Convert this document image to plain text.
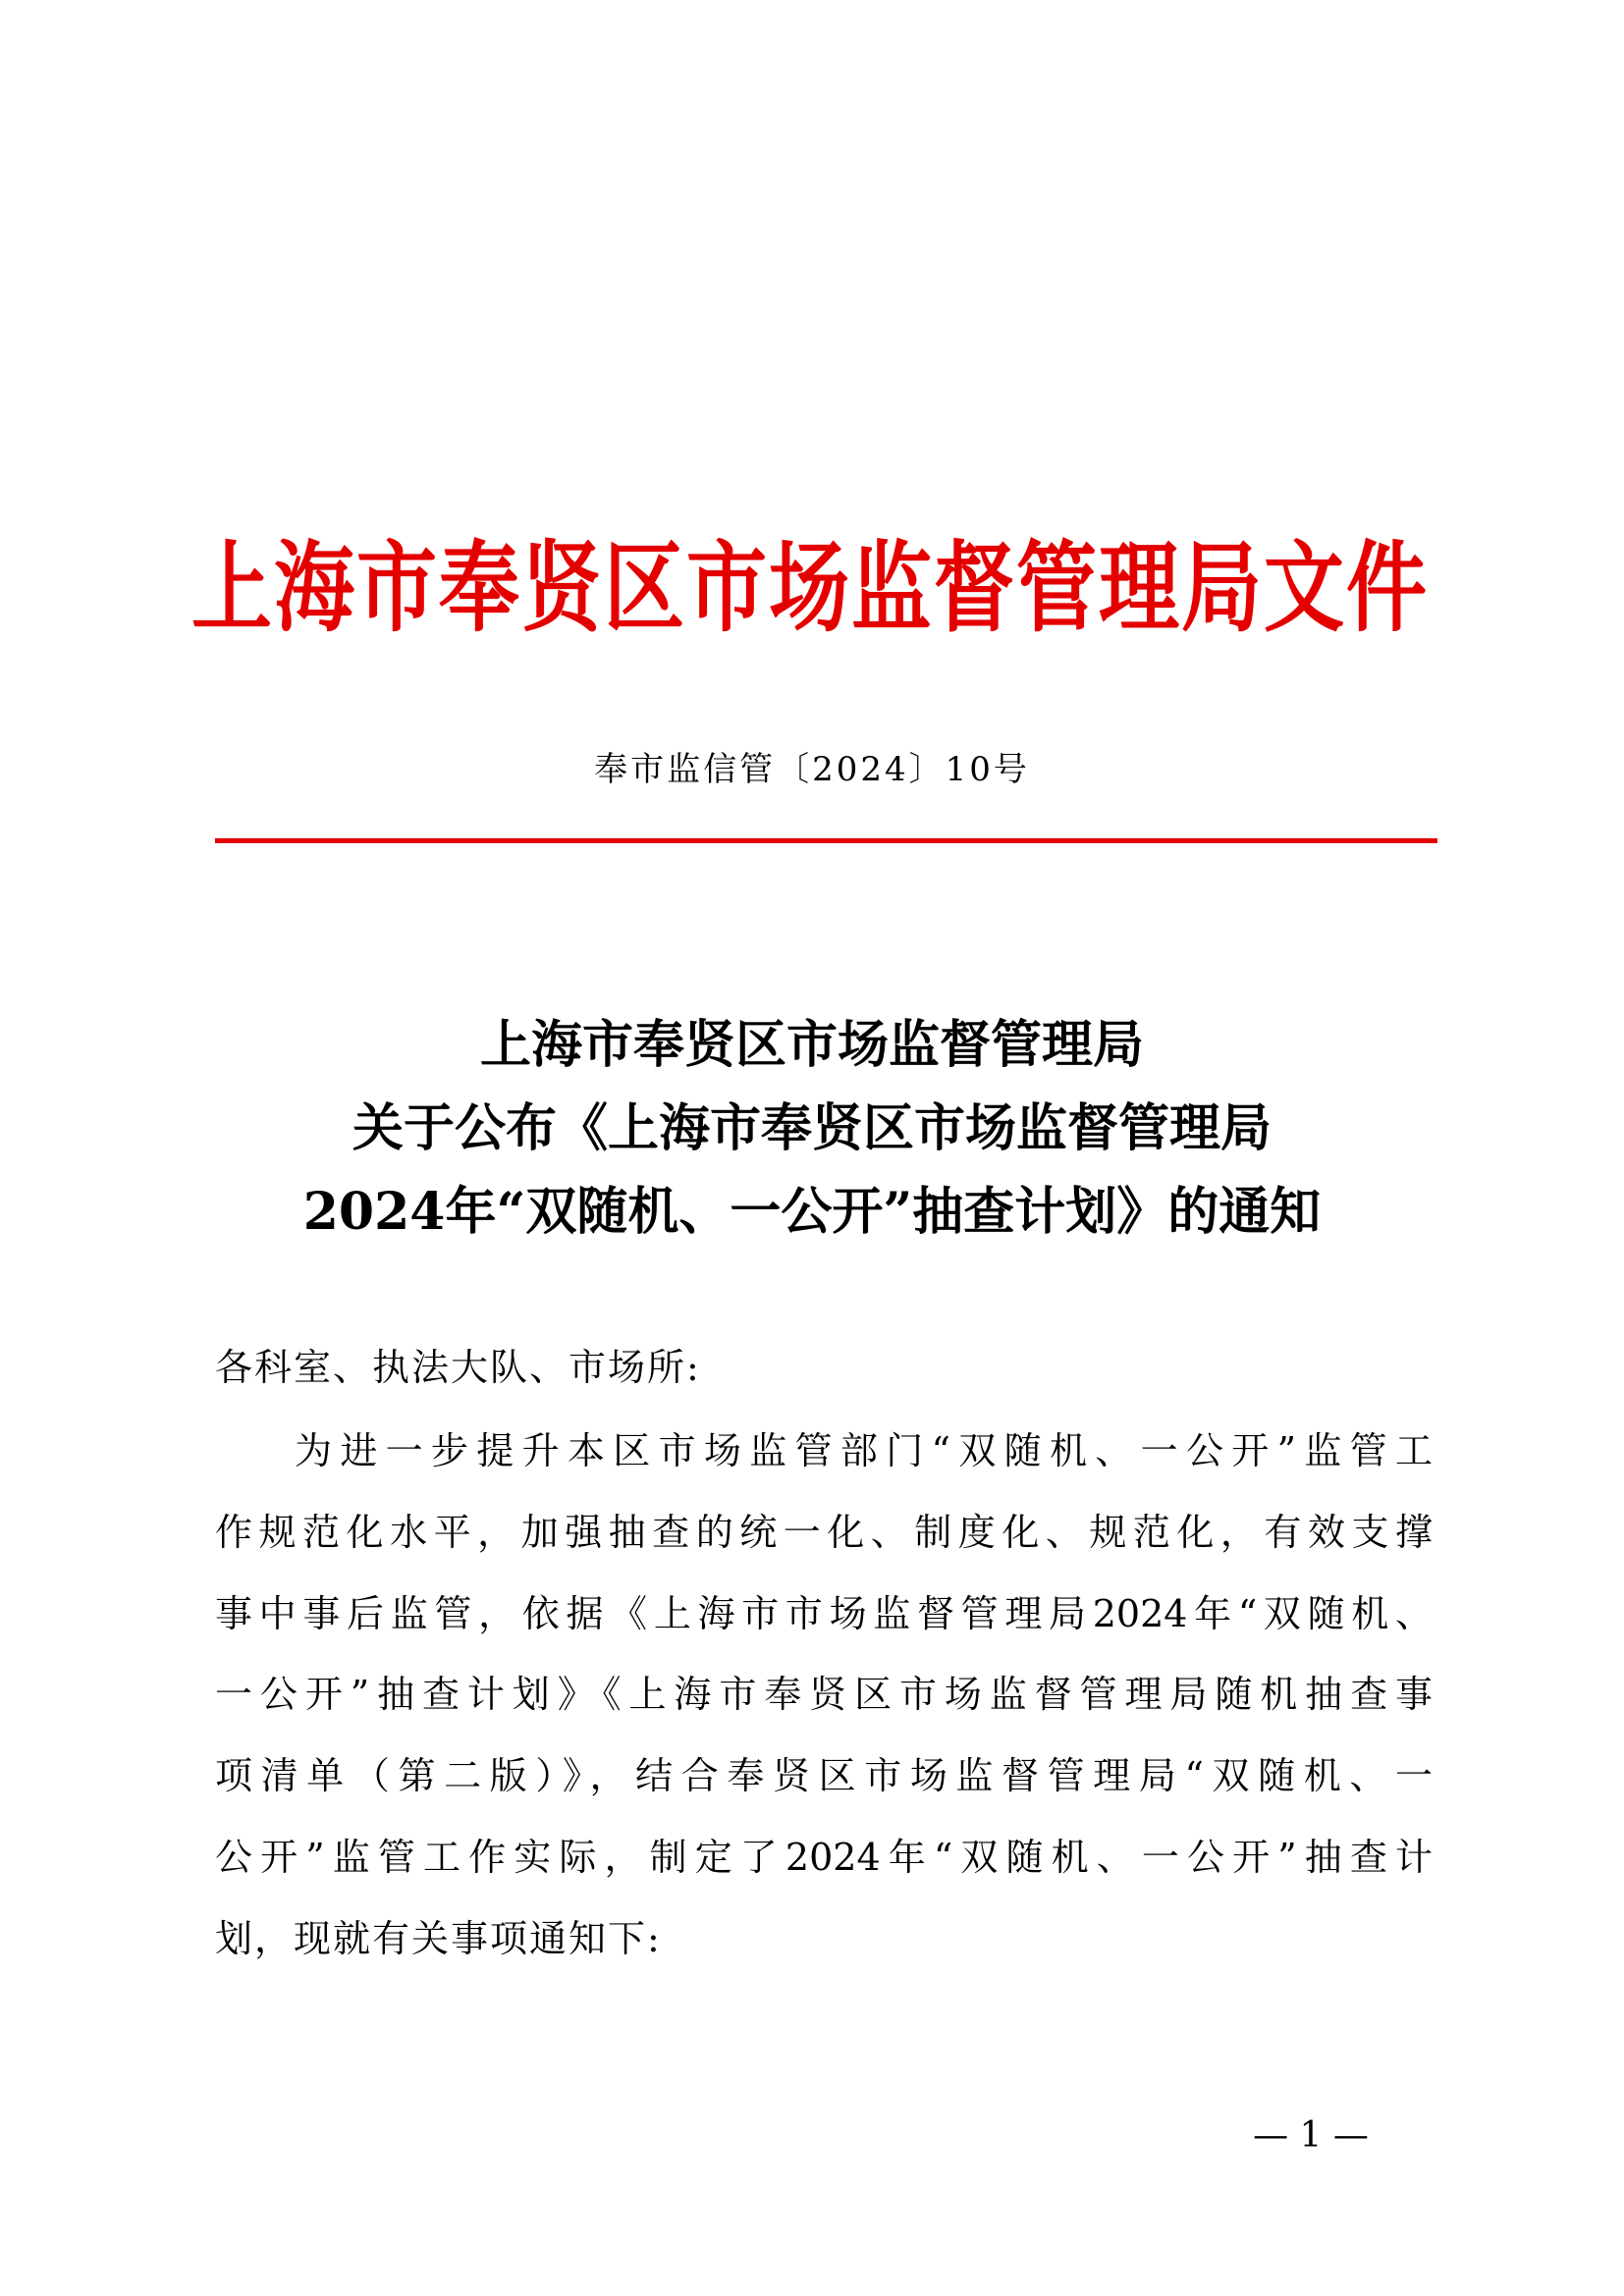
上海市奉贤区市场监督管理局文件
奉市监信管〔2024〕10号
上海市奉贤区市场监督管理局
关于公布《上海市奉贤区市场监督管理局
2024年“双随机、一公开”抽查计划》的通知
各科室、执法大队、市场所:
为进一步提升本区市场监管部门“双随机、一公开”监管工
作规范化水平，加强抽查的统一化、制度化、规范化，有效支撑
事中事后监管，依据《上海市市场监督管理局2024年“双随机、
一公开”抽查计划》《上海市奉贤区市场监督管理局随机抽查事
项清单（第二版）》，结合奉贤区市场监督管理局“双随机、一
公开”监管工作实际，制定了2024年“双随机、一公开”抽查计
划，现就有关事项通知下:
— 1 —
